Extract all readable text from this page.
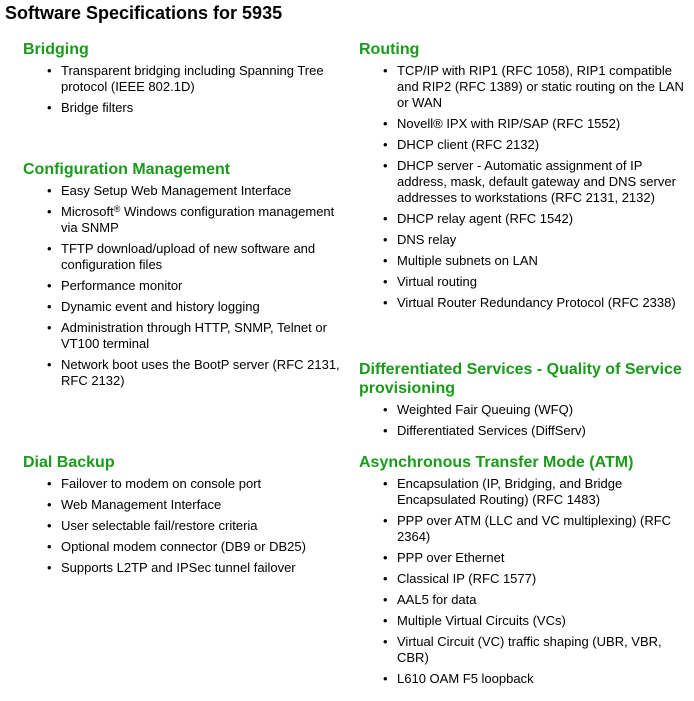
Software Specifications for 5935
Bridging
• Transparent bridging including Spanning Tree protocol (IEEE 802.1D)
• Bridge filters
Configuration Management
• Easy Setup Web Management Interface
• Microsoft® Windows configuration management via SNMP
• TFTP download/upload of new software and configuration files
• Performance monitor
• Dynamic event and history logging
• Administration through HTTP, SNMP, Telnet or VT100 terminal
• Network boot uses the BootP server (RFC 2131, RFC 2132)
Dial Backup
• Failover to modem on console port
• Web Management Interface
• User selectable fail/restore criteria
• Optional modem connector (DB9 or DB25)
• Supports L2TP and IPSec tunnel failover
Routing
• TCP/IP with RIP1 (RFC 1058), RIP1 compatible and RIP2 (RFC 1389) or static routing on the LAN or WAN
• Novell® IPX with RIP/SAP (RFC 1552)
• DHCP client (RFC 2132)
• DHCP server - Automatic assignment of IP address, mask, default gateway and DNS server addresses to workstations (RFC 2131, 2132)
• DHCP relay agent (RFC 1542)
• DNS relay
• Multiple subnets on LAN
• Virtual routing
• Virtual Router Redundancy Protocol (RFC 2338)
Differentiated Services - Quality of Service provisioning
• Weighted Fair Queuing (WFQ)
• Differentiated Services (DiffServ)
Asynchronous Transfer Mode (ATM)
• Encapsulation (IP, Bridging, and Bridge Encapsulated Routing) (RFC 1483)
• PPP over ATM (LLC and VC multiplexing) (RFC 2364)
• PPP over Ethernet
• Classical IP (RFC 1577)
• AAL5 for data
• Multiple Virtual Circuits (VCs)
• Virtual Circuit (VC) traffic shaping (UBR, VBR, CBR)
• L610 OAM F5 loopback
